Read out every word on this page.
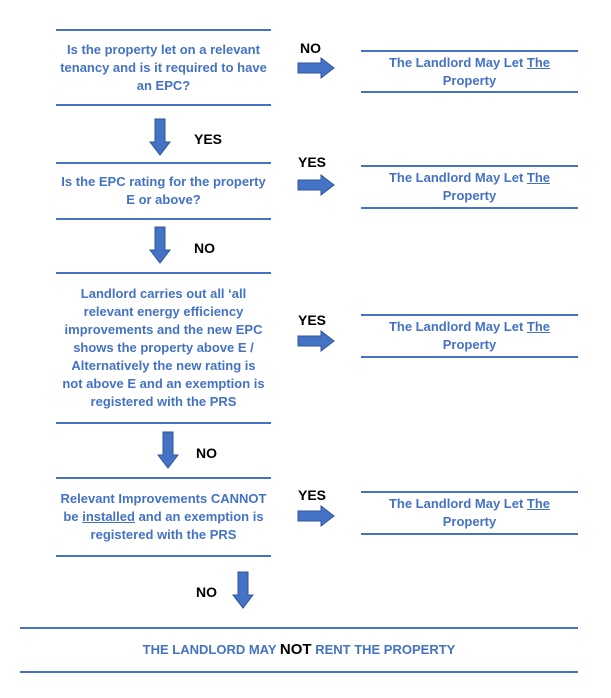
Is the property let on a relevant tenancy and is it required to have an EPC?
Is the EPC rating for the property E or above?
Landlord carries out all ‘all relevant energy efficiency improvements and the new EPC shows the property above E / Alternatively the new rating is not above E and an exemption is registered with the PRS
Relevant Improvements CANNOT be installed and an exemption is registered with the PRS
The Landlord May Let The Property
The Landlord May Let The Property
The Landlord May Let The Property
The Landlord May Let The Property
THE LANDLORD MAY NOT RENT THE PROPERTY
NO
YES
YES
YES
YES
NO
NO
NO
